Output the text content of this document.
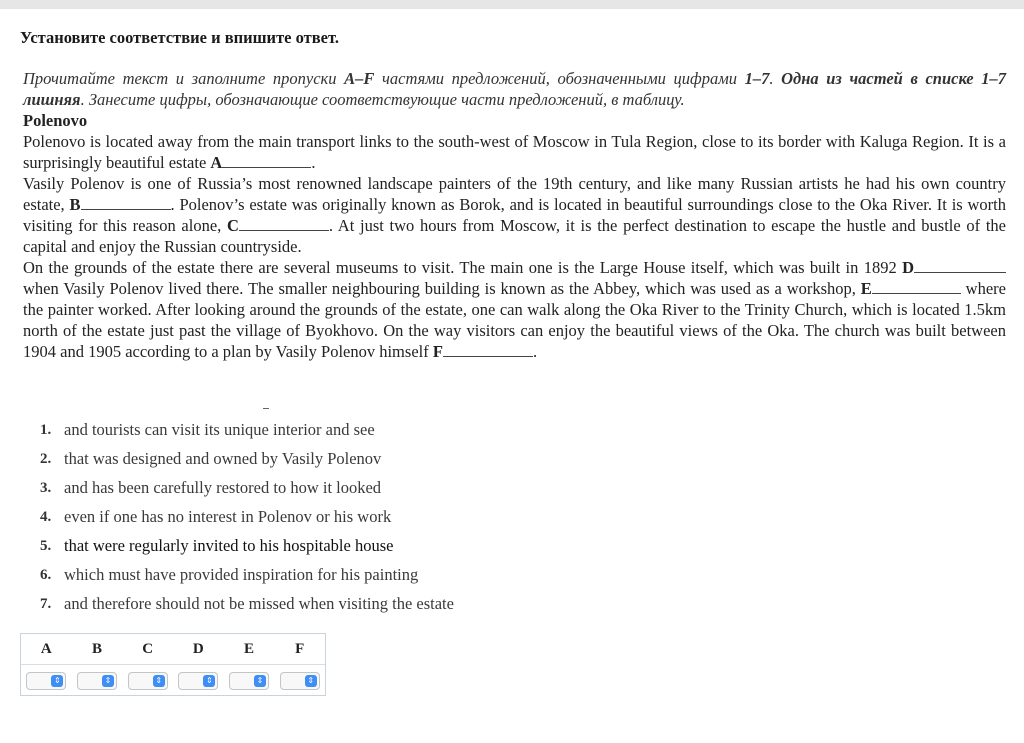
Установите соответствие и впишите ответ.
Прочитайте текст и заполните пропуски A–F частями предложений, обозначенными цифрами 1–7. Одна из частей в списке 1–7 лишняя. Занесите цифры, обозначающие соответствующие части предложений, в таблицу.
Polenovo
Polenovo is located away from the main transport links to the south-west of Moscow in Tula Region, close to its border with Kaluga Region. It is a surprisingly beautiful estate A	.
Vasily Polenov is one of Russia’s most renowned landscape painters of the 19th century, and like many Russian artists he had his own country estate, B	. Polenov’s estate was originally known as Borok, and is located in beautiful surroundings close to the Oka River. It is worth visiting for this reason alone, C	. At just two hours from Moscow, it is the perfect destination to escape the hustle and bustle of the capital and enjoy the Russian countryside.
On the grounds of the estate there are several museums to visit. The main one is the Large House itself, which was built in 1892 D when Vasily Polenov lived there. The smaller neighbouring building is known as the Abbey, which was used as a workshop, E	where the painter worked. After looking around the grounds of the estate, one can walk along the Oka River to the Trinity Church, which is located 1.5km north of the estate just past the village of Byokhovo. On the way visitors can enjoy the beautiful views of the Oka. The church was built between 1904 and 1905 according to a plan by Vasily Polenov himself F	.
1. and tourists can visit its unique interior and see
2. that was designed and owned by Vasily Polenov
3. and has been carefully restored to how it looked
4. even if one has no interest in Polenov or his work
5. that were regularly invited to his hospitable house
6. which must have provided inspiration for his painting
7. and therefore should not be missed when visiting the estate
A	B	C	D	E	F
⇕	⇕	⇕	⇕	⇕	⇕
